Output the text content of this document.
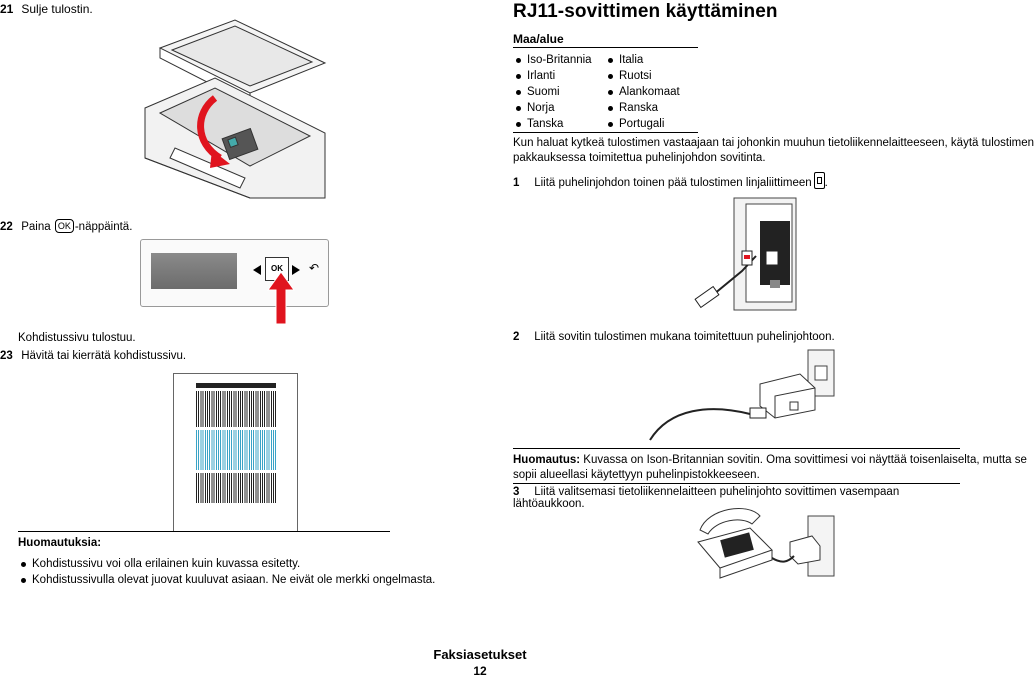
21 Sulje tulostin.
22 Paina OK -näppäintä.
OK	↶
Kohdistussivu tulostuu.
23 Hävitä tai kierrätä kohdistussivu.
Huomautuksia:
Kohdistussivu voi olla erilainen kuin kuvassa esitetty.
Kohdistussivulla olevat juovat kuuluvat asiaan. Ne eivät ole merkki ongelmasta.
RJ11-sovittimen käyttäminen
Maa/alue
Iso-Britannia
Irlanti
Suomi
Norja
Tanska
Italia
Ruotsi
Alankomaat
Ranska
Portugali
Kun haluat kytkeä tulostimen vastaajaan tai johonkin muuhun tietoliikennelaitteeseen, käytä tulostimen
pakkauksessa toimitettua puhelinjohdon sovitinta.
1 Liitä puhelinjohdon toinen pää tulostimen linjaliittimeen .
2 Liitä sovitin tulostimen mukana toimitettuun puhelinjohtoon.
Huomautus: Kuvassa on Ison-Britannian sovitin. Oma sovittimesi voi näyttää toisenlaiselta, mutta se
sopii alueellasi käytettyyn puhelinpistokkeeseen.
3 Liitä valitsemasi tietoliikennelaitteen puhelinjohto sovittimen vasempaan lähtöaukkoon.
Faksiasetukset
12
